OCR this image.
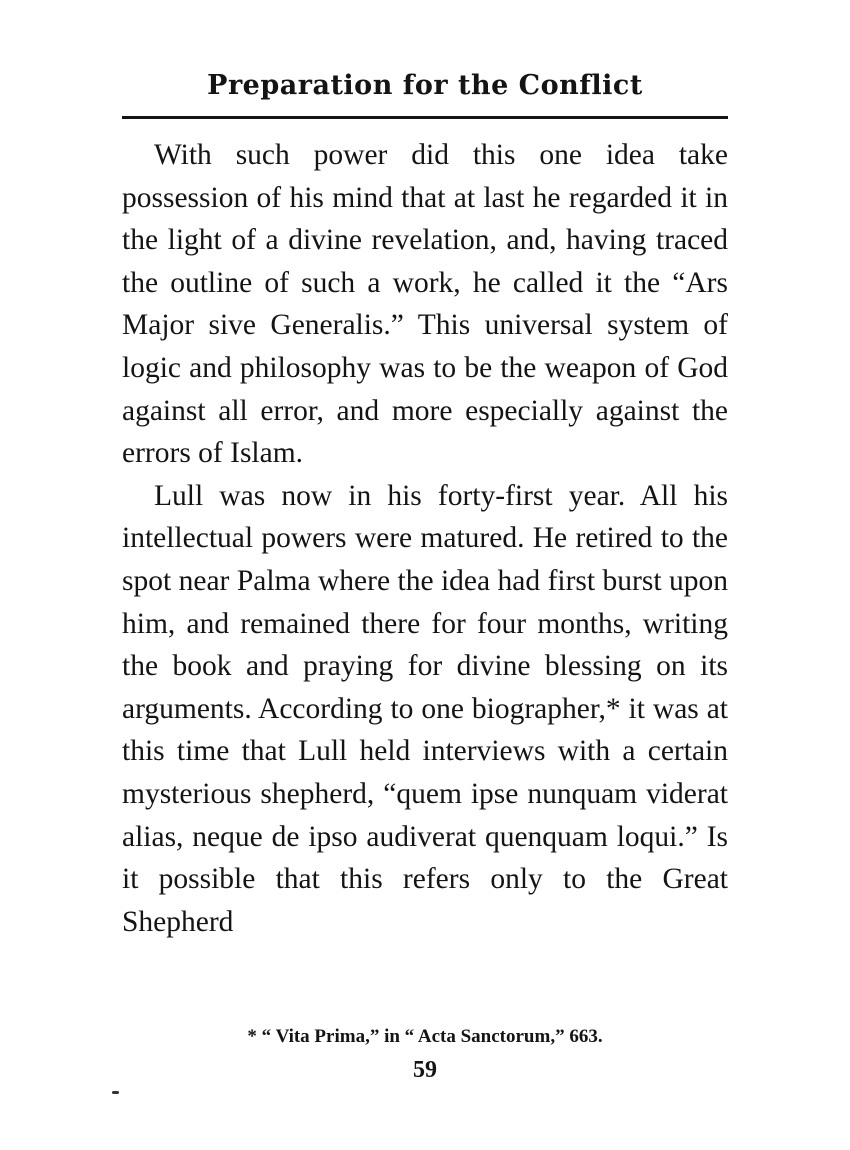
Preparation for the Conflict

With such power did this one idea take possession of his mind that at last he regarded it in the light of a divine revelation, and, having traced the outline of such a work, he called it the “Ars Major sive Generalis.” This universal system of logic and philosophy was to be the weapon of God against all error, and more especially against the errors of Islam.

Lull was now in his forty-first year. All his intellectual powers were matured. He retired to the spot near Palma where the idea had first burst upon him, and remained there for four months, writing the book and praying for divine blessing on its arguments. According to one biographer,* it was at this time that Lull held interviews with a certain mysterious shepherd, “quem ipse nunquam viderat alias, neque de ipso audiverat quenquam loqui.” Is it possible that this refers only to the Great Shepherd

* “ Vita Prima,” in “ Acta Sanctorum,” 663.
59
